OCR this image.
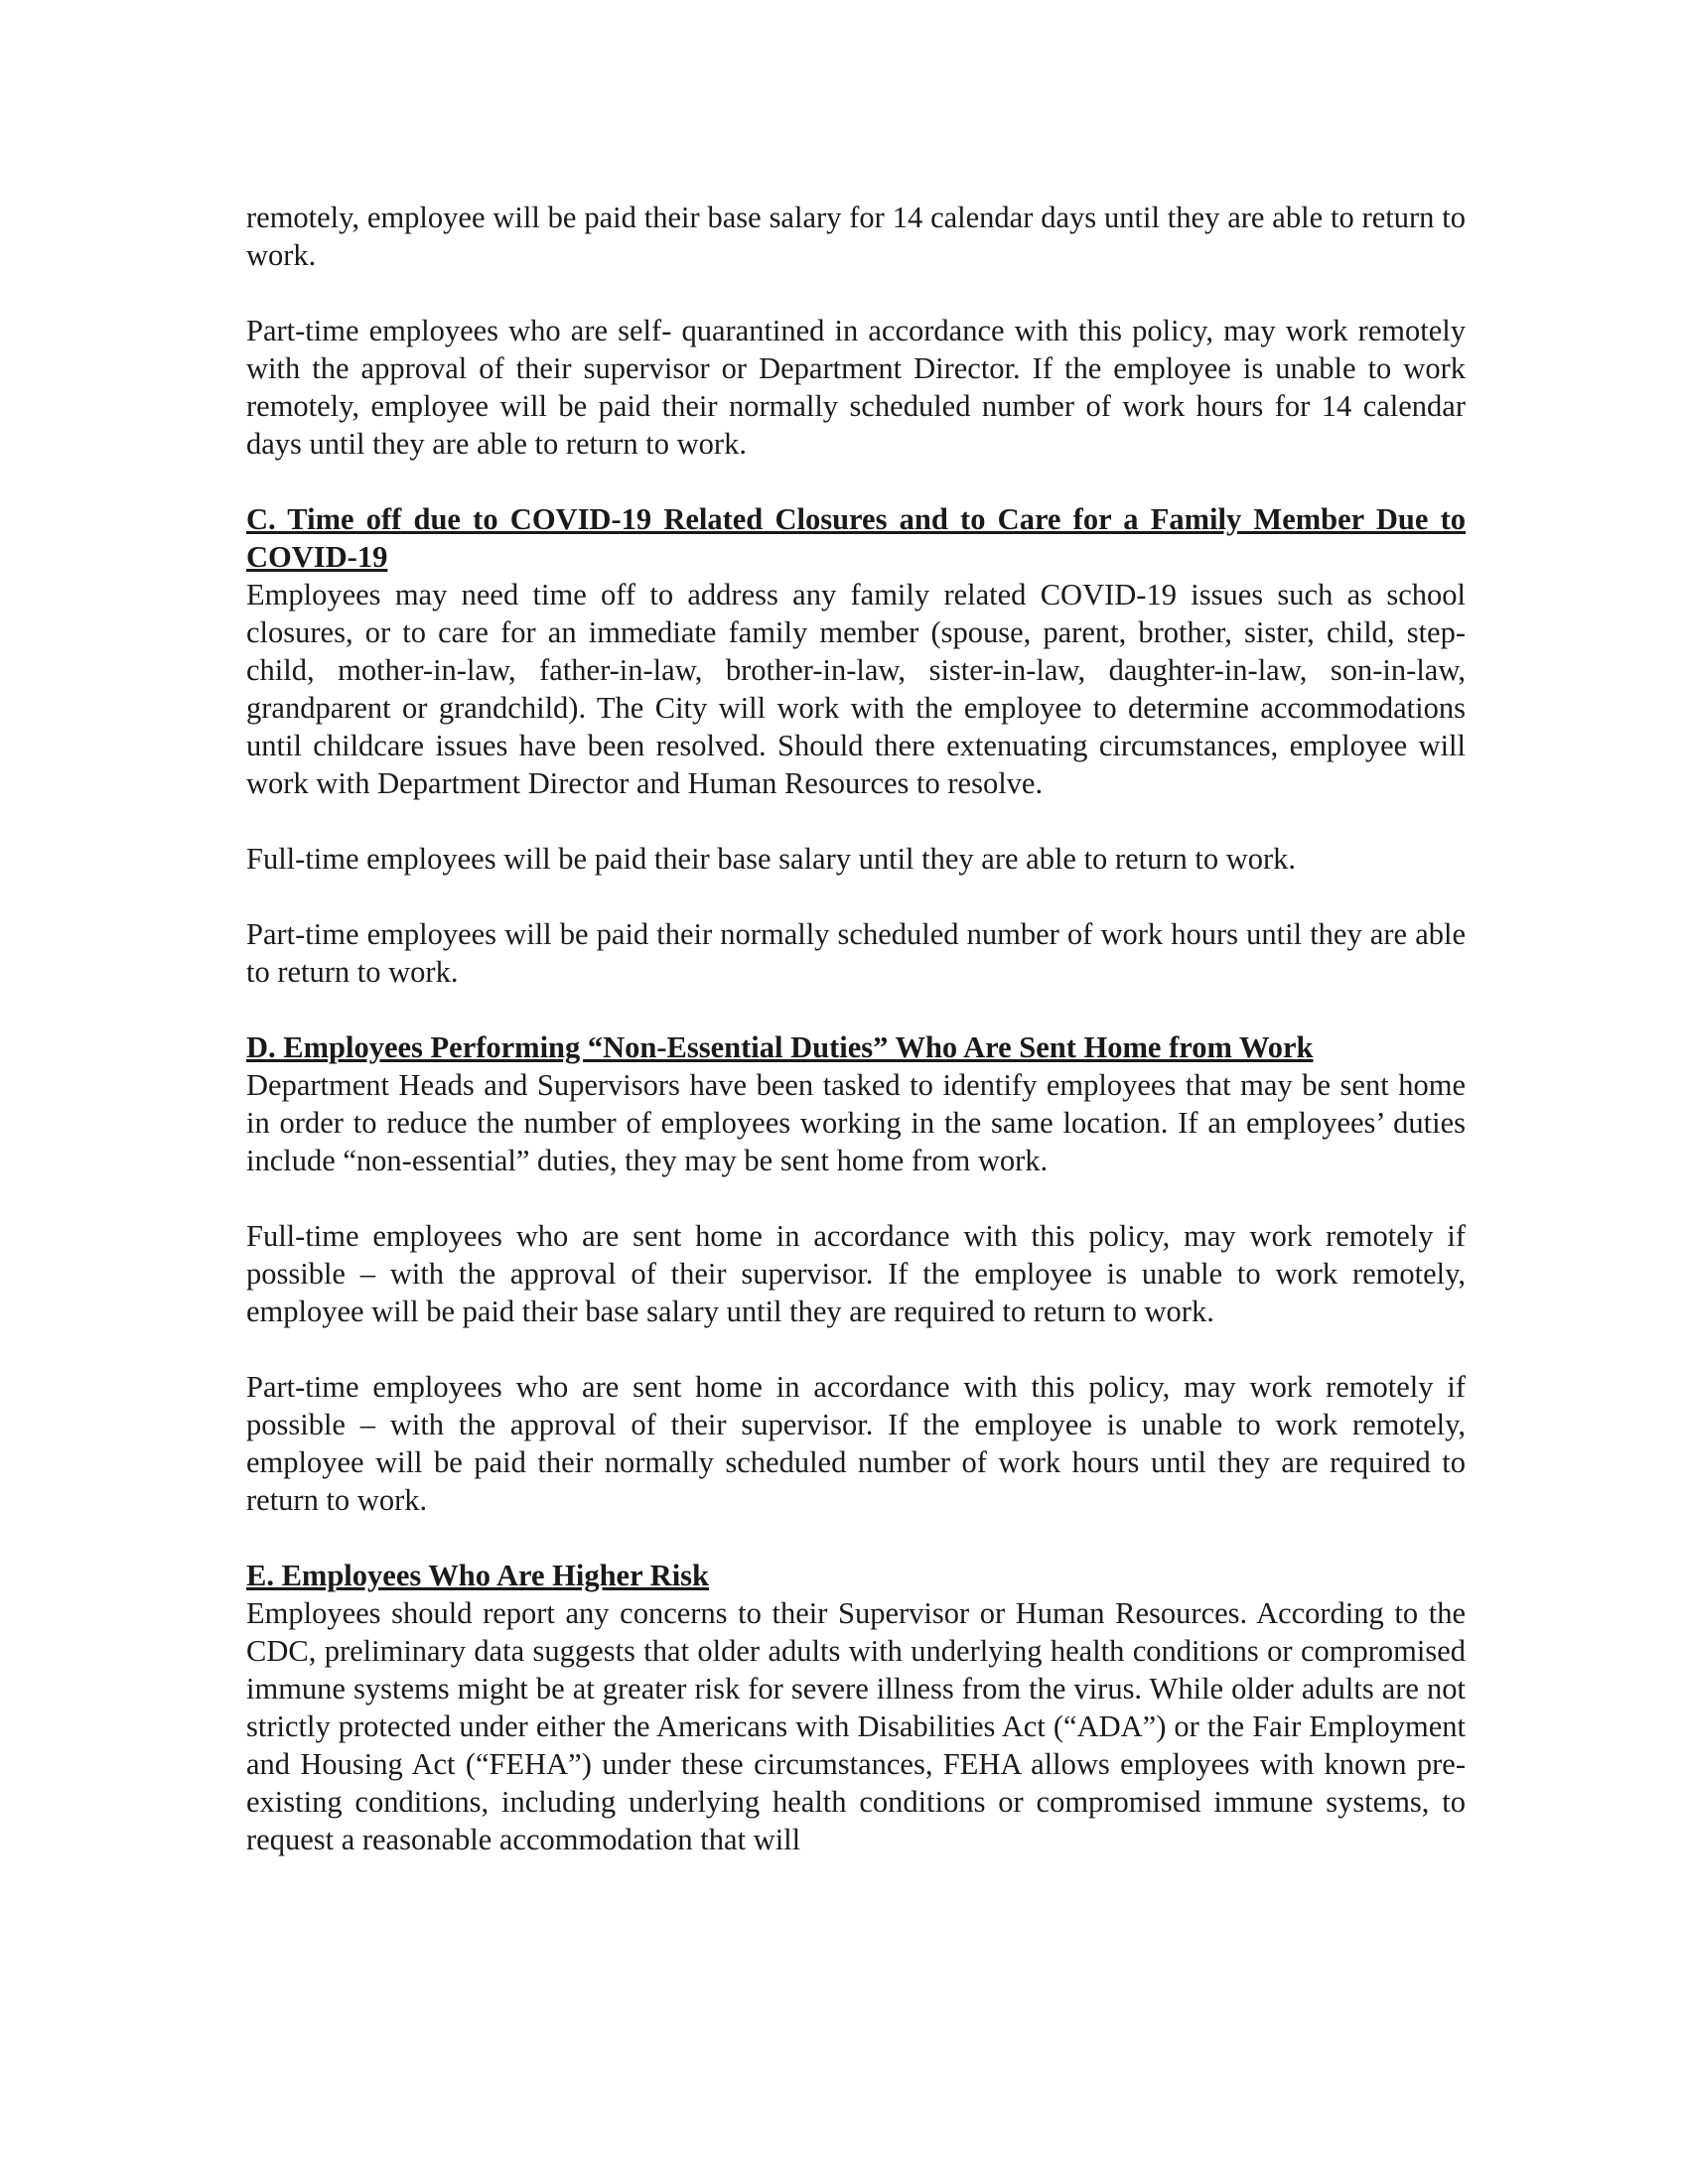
remotely, employee will be paid their base salary for 14 calendar days until they are able to return to work.

Part-time employees who are self- quarantined in accordance with this policy, may work remotely with the approval of their supervisor or Department Director. If the employee is unable to work remotely, employee will be paid their normally scheduled number of work hours for 14 calendar days until they are able to return to work.

C. Time off due to COVID-19 Related Closures and to Care for a Family Member Due to COVID-19

Employees may need time off to address any family related COVID-19 issues such as school closures, or to care for an immediate family member (spouse, parent, brother, sister, child, step-child, mother-in-law, father-in-law, brother-in-law, sister-in-law, daughter-in-law, son-in-law, grandparent or grandchild). The City will work with the employee to determine accommodations until childcare issues have been resolved. Should there extenuating circumstances, employee will work with Department Director and Human Resources to resolve.

Full-time employees will be paid their base salary until they are able to return to work.

Part-time employees will be paid their normally scheduled number of work hours until they are able to return to work.

D. Employees Performing “Non-Essential Duties” Who Are Sent Home from Work

Department Heads and Supervisors have been tasked to identify employees that may be sent home in order to reduce the number of employees working in the same location. If an employees’ duties include “non-essential” duties, they may be sent home from work.

Full-time employees who are sent home in accordance with this policy, may work remotely if possible – with the approval of their supervisor. If the employee is unable to work remotely, employee will be paid their base salary until they are required to return to work.

Part-time employees who are sent home in accordance with this policy, may work remotely if possible – with the approval of their supervisor. If the employee is unable to work remotely, employee will be paid their normally scheduled number of work hours until they are required to return to work.

E. Employees Who Are Higher Risk

Employees should report any concerns to their Supervisor or Human Resources. According to the CDC, preliminary data suggests that older adults with underlying health conditions or compromised immune systems might be at greater risk for severe illness from the virus. While older adults are not strictly protected under either the Americans with Disabilities Act (“ADA”) or the Fair Employment and Housing Act (“FEHA”) under these circumstances, FEHA allows employees with known pre-existing conditions, including underlying health conditions or compromised immune systems, to request a reasonable accommodation that will
